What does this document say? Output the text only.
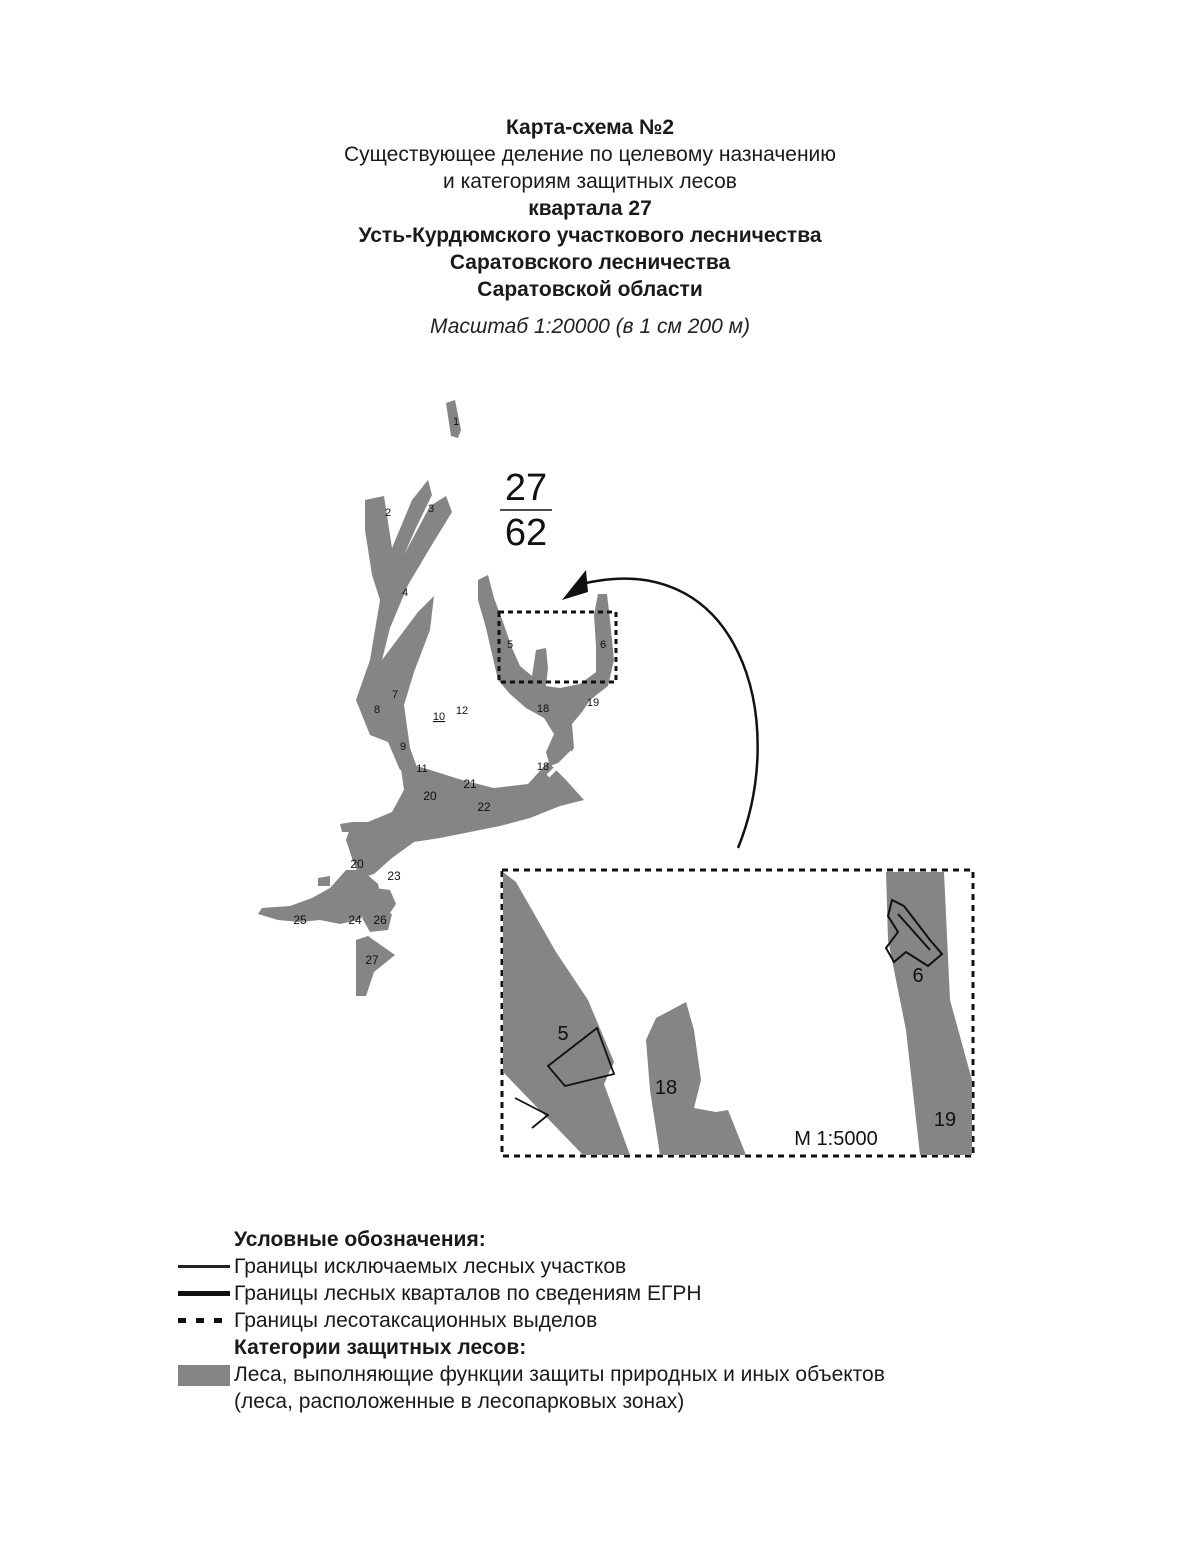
Карта-схема №2
Существующее деление по целевому назначению
и категориям защитных лесов
квартала 27
Усть-Курдюмского участкового лесничества
Саратовского лесничества
Саратовской области
Масштаб 1:20000 (в 1 см 200 м)
27
62
1
2	3
4
5	6
7
8
9
10 12
11
20
21
22
18
18	19
20
23
24
25	26
27
5
6
18
19
М 1:5000
Условные обозначения:
Границы исключаемых лесных участков
Границы лесных кварталов по сведениям ЕГРН
Границы лесотаксационных выделов
Категории защитных лесов:
Леса, выполняющие функции защиты природных и иных объектов
(леса, расположенные в лесопарковых зонах)
